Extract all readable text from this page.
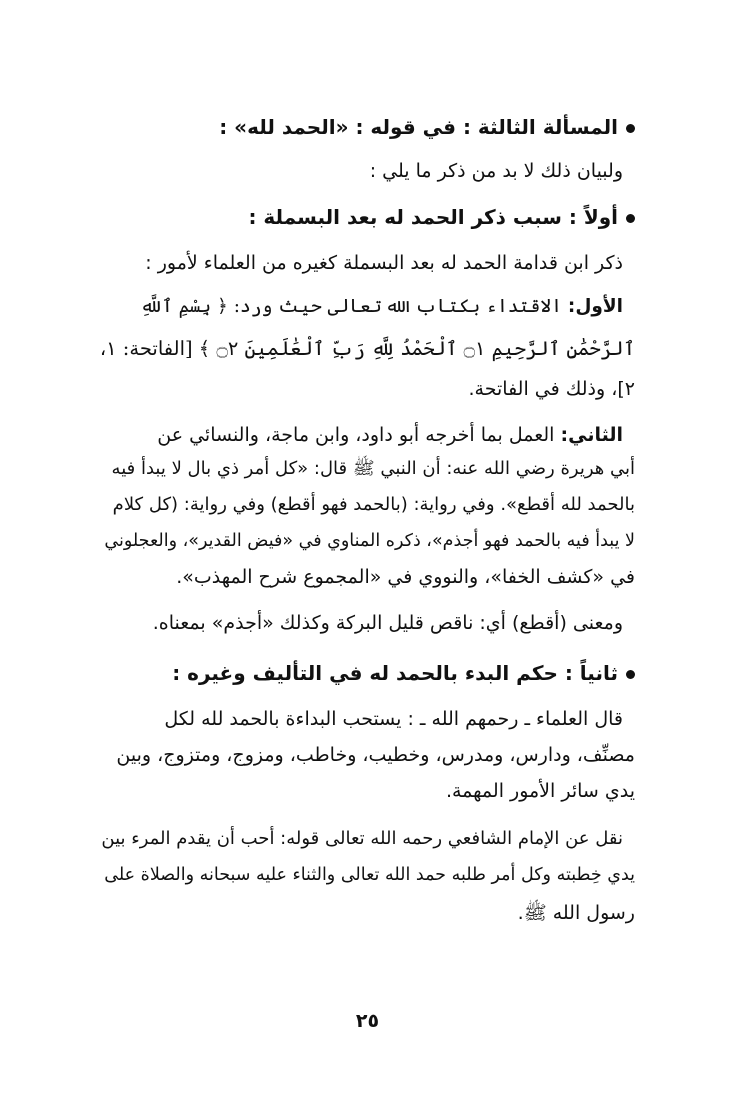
المسألة الثالثة : في قوله : «الحمد لله» :
ولبيان ذلك لا بد من ذكر ما يلي :
أولاً : سبب ذكر الحمد له بعد البسملة :
ذكر ابن قدامة الحمد له بعد البسملة كغيره من العلماء لأمور :
الأول: الاقتداء بكتاب الله تعالى حيث ورد: ﴿ بِسْمِ ٱللَّهِ
ٱلرَّحْمَٰنِ ٱلرَّحِيمِ ۝١ ٱلْحَمْدُ لِلَّهِ رَبِّ ٱلْعَٰلَمِينَ ۝٢ ﴾ [الفاتحة: ١،
٢]، وذلك في الفاتحة.
الثاني: العمل بما أخرجه أبو داود، وابن ماجة، والنسائي عن
أبي هريرة رضي الله عنه: أن النبي ﷺ قال: «كل أمر ذي بال لا يبدأ فيه
بالحمد لله أقطع». وفي رواية: (بالحمد فهو أقطع) وفي رواية: (كل كلام
لا يبدأ فيه بالحمد فهو أجذم»، ذكره المناوي في «فيض القدير»، والعجلوني
في «كشف الخفا»، والنووي في «المجموع شرح المهذب».
ومعنى (أقطع) أي: ناقص قليل البركة وكذلك «أجذم» بمعناه.
ثانياً : حكم البدء بالحمد له في التأليف وغيره :
قال العلماء ـ رحمهم الله ـ : يستحب البداءة بالحمد لله لكل
مصنِّف، ودارس، ومدرس، وخطيب، وخاطب، ومزوج، ومتزوج، وبين
يدي سائر الأمور المهمة.
نقل عن الإمام الشافعي رحمه الله تعالى قوله: أحب أن يقدم المرء بين
يدي خِطبته وكل أمر طلبه حمد الله تعالى والثناء عليه سبحانه والصلاة على
رسول الله ﷺ.
٢٥
